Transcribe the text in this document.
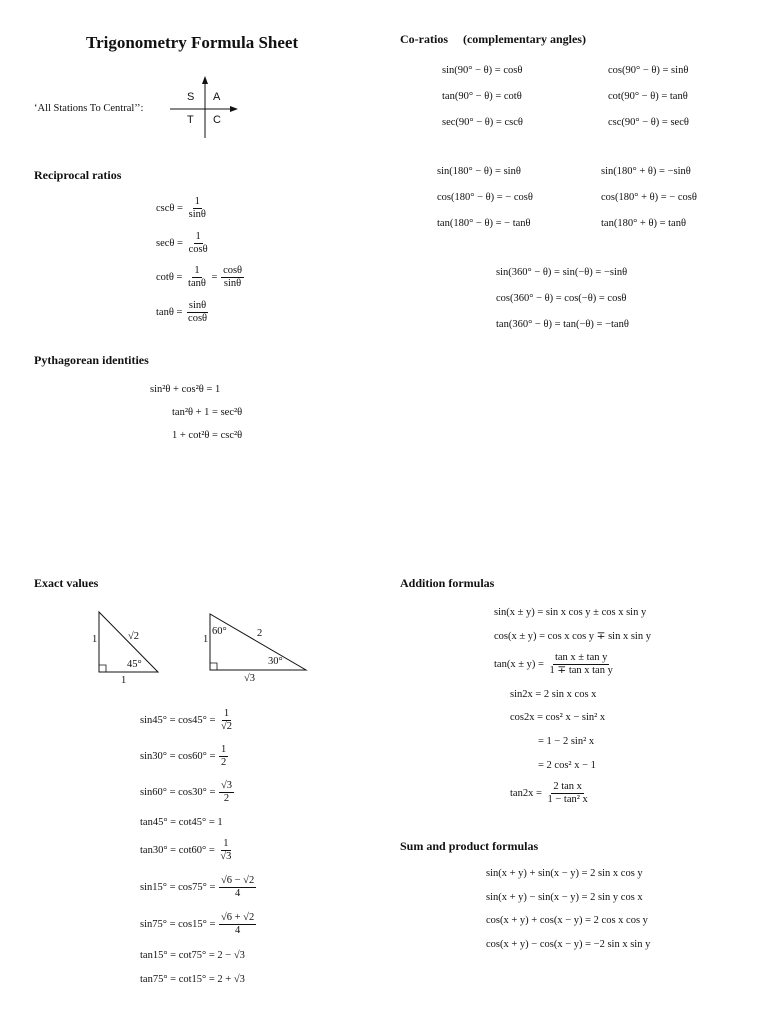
Trigonometry Formula Sheet
‘All Stations To Central’’:
S A
T C
Reciprocal ratios
$\csc\theta = \frac{1}{\sin\theta}$
$\sec\theta = \frac{1}{\cos\theta}$
$\cot\theta = \frac{1}{\tan\theta} = \frac{\cos\theta}{\sin\theta}$
$\tan\theta = \frac{\sin\theta}{\cos\theta}$
Pythagorean identities
sin²θ + cos²θ = 1
tan²θ + 1 = sec²θ
1 + cot²θ = csc²θ
Co-ratios     (complementary angles)
sin(90° − θ) = cosθ	cos(90° − θ) = sinθ
tan(90° − θ) = cotθ	cot(90° − θ) = tanθ
sec(90° − θ) = cscθ	csc(90° − θ) = secθ
sin(180° − θ) = sinθ	sin(180° + θ) = −sinθ
cos(180° − θ) = − cosθ	cos(180° + θ) = − cosθ
tan(180° − θ) = − tanθ	tan(180° + θ) = tanθ
sin(360° − θ) = sin(−θ) = −sinθ
cos(360° − θ) = cos(−θ) = cosθ
tan(360° − θ) = tan(−θ) = −tanθ
Exact values
1	√2
45°
1
1
60°	2
30°
√3
$\sin 45^\circ = \cos 45^\circ = \frac{1}{√2}$
$\sin 30^\circ = \cos 60^\circ = \frac{1}{2}$
$\sin 60^\circ = \cos 30^\circ = \frac{√3}{2}$
tan45° = cot45° = 1
$\tan 30^\circ = \cot 60^\circ = \frac{1}{√3}$
$\sin 15^\circ = \cos 75^\circ = \frac{√6 - √2}{4}$
$\sin 75^\circ = \cos 15^\circ = \frac{√6 + √2}{4}$
tan15° = cot75° = 2 − √3
tan75° = cot15° = 2 + √3
Addition formulas
sin(x ± y) = sin x cos y ± cos x sin y
cos(x ± y) = cos x cos y ∓ sin x sin y
$\tan(x \pm y) = \frac{\text{tan x ± tan y}}{\text{1 ∓ tan x tan y}}$
sin2x = 2 sin x cos x
cos2x = cos² x − sin² x
= 1 − 2 sin² x
= 2 cos² x − 1
$\tan 2x = \frac{\text{2 tan x}}{\text{1 − tan² x}}$
Sum and product formulas
sin(x + y) + sin(x − y) = 2 sin x cos y
sin(x + y) − sin(x − y) = 2 sin y cos x
cos(x + y) + cos(x − y) = 2 cos x cos y
cos(x + y) − cos(x − y) = −2 sin x sin y
